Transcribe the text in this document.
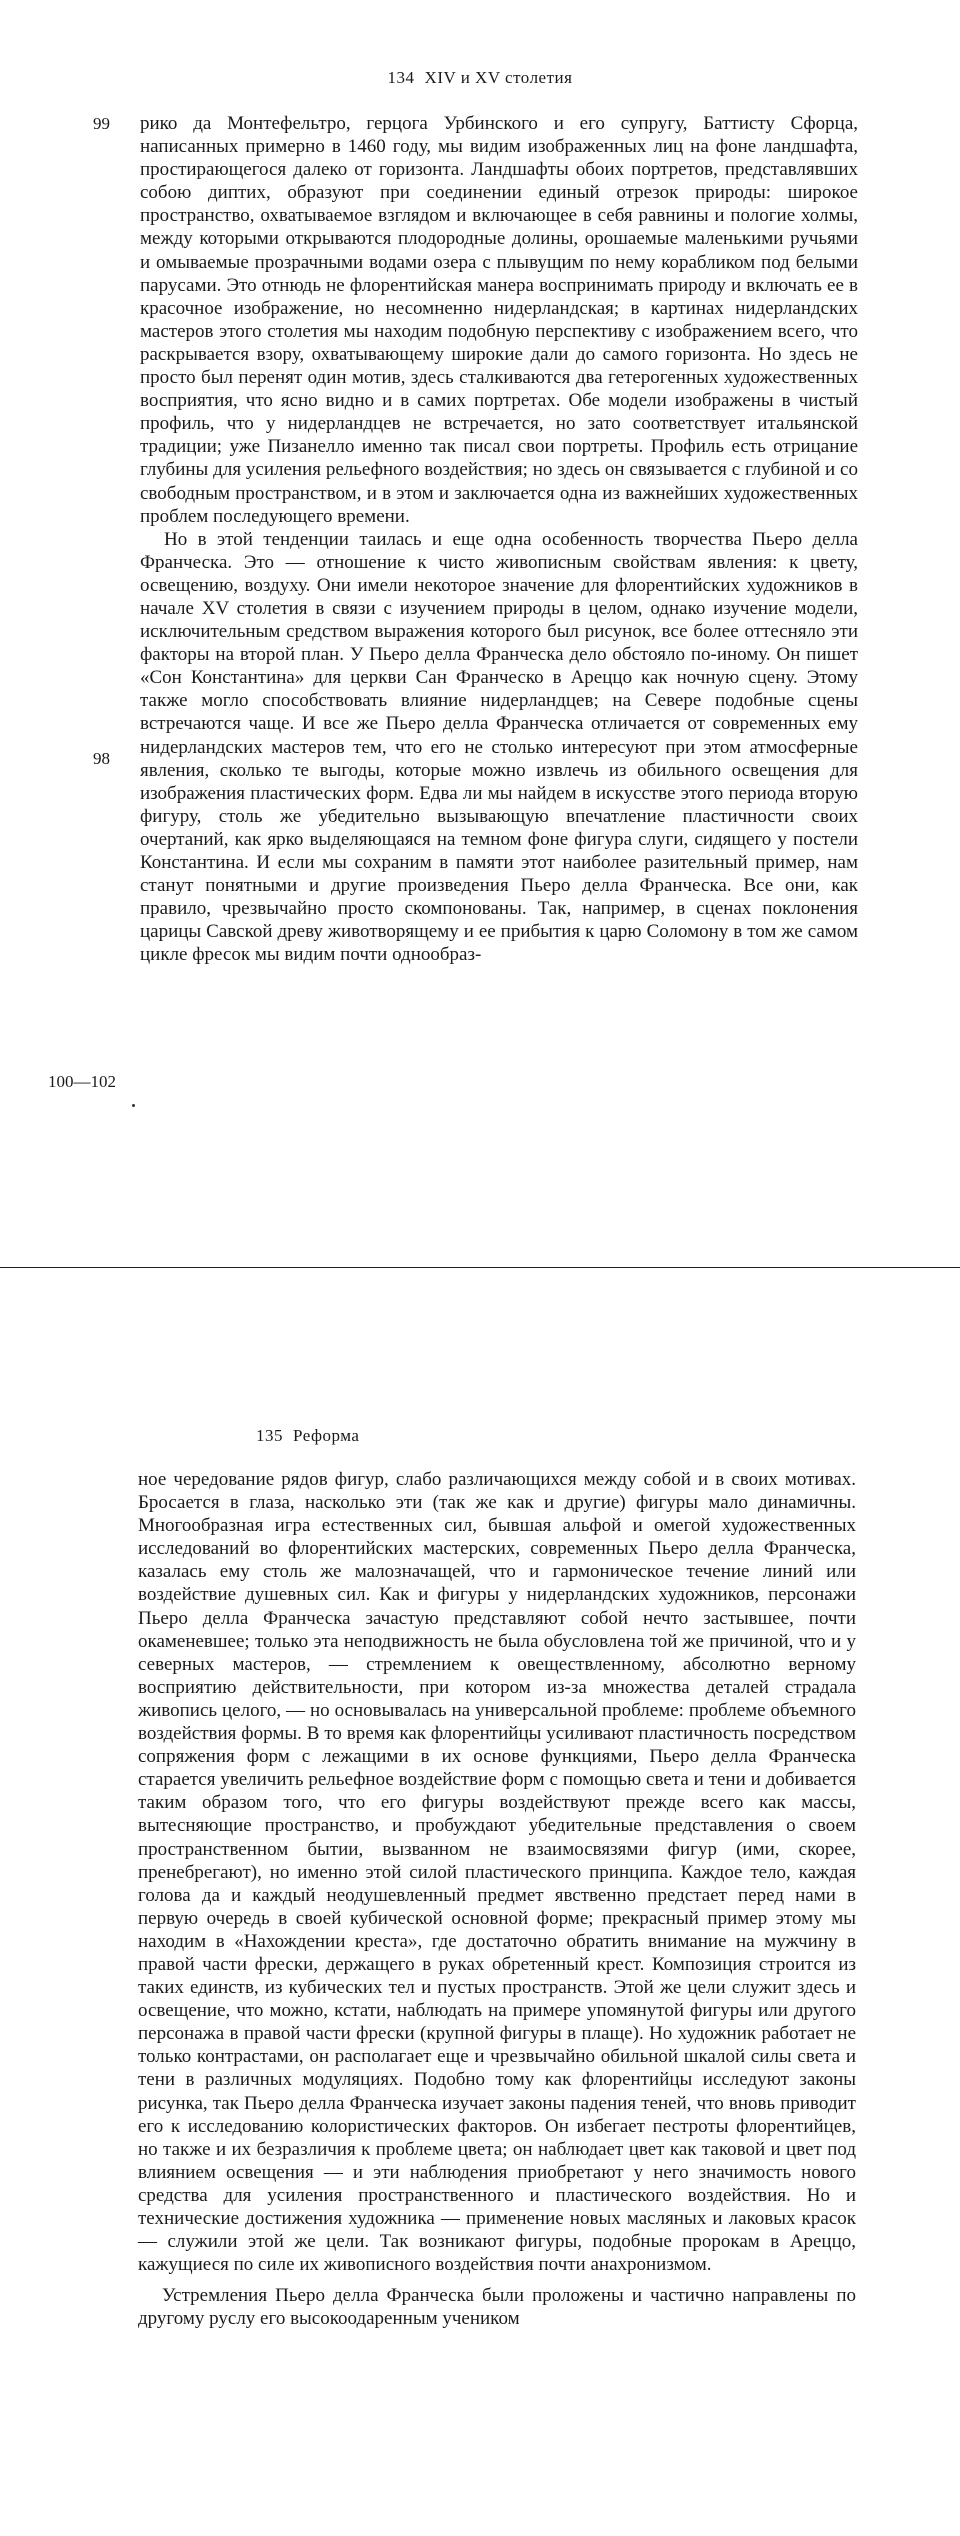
134 XIV и XV столетия
99
98
100—102

рико да Монтефельтро, герцога Урбинского и его супругу, Баттисту Сфорца, написанных примерно в 1460 году, мы видим изображенных лиц на фоне ландшафта, простирающегося далеко от горизонта. Ландшафты обоих портретов, представлявших собою диптих, образуют при соединении единый отрезок природы: широкое пространство, охватываемое взглядом и включающее в себя равнины и пологие холмы, между которыми открываются плодородные долины, орошаемые маленькими ручьями и омываемые прозрачными водами озера с плывущим по нему корабликом под белыми парусами. Это отнюдь не флорентийская манера воспринимать природу и включать ее в красочное изображение, но несомненно нидерландская; в картинах нидерландских мастеров этого столетия мы находим подобную перспективу с изображением всего, что раскрывается взору, охватывающему широкие дали до самого горизонта. Но здесь не просто был перенят один мотив, здесь сталкиваются два гетерогенных художественных восприятия, что ясно видно и в самих портретах. Обе модели изображены в чистый профиль, что у нидерландцев не встречается, но зато соответствует итальянской традиции; уже Пизанелло именно так писал свои портреты. Профиль есть отрицание глубины для усиления рельефного воздействия; но здесь он связывается с глубиной и со свободным пространством, и в этом и заключается одна из важнейших художественных проблем последующего времени.

Но в этой тенденции таилась и еще одна особенность творчества Пьеро делла Франческа. Это — отношение к чисто живописным свойствам явления: к цвету, освещению, воздуху. Они имели некоторое значение для флорентийских художников в начале XV столетия в связи с изучением природы в целом, однако изучение модели, исключительным средством выражения которого был рисунок, все более оттесняло эти факторы на второй план. У Пьеро делла Франческа дело обстояло по-иному. Он пишет «Сон Константина» для церкви Сан Франческо в Ареццо как ночную сцену. Этому также могло способствовать влияние нидерландцев; на Севере подобные сцены встречаются чаще. И все же Пьеро делла Франческа отличается от современных ему нидерландских мастеров тем, что его не столько интересуют при этом атмосферные явления, сколько те выгоды, которые можно извлечь из обильного освещения для изображения пластических форм. Едва ли мы найдем в искусстве этого периода вторую фигуру, столь же убедительно вызывающую впечатление пластичности своих очертаний, как ярко выделяющаяся на темном фоне фигура слуги, сидящего у постели Константина. И если мы сохраним в памяти этот наиболее разительный пример, нам станут понятными и другие произведения Пьеро делла Франческа. Все они, как правило, чрезвычайно просто скомпонованы. Так, например, в сценах поклонения царицы Савской древу животворящему и ее прибытия к царю Соломону в том же самом цикле фресок мы видим почти однообраз-

135 Реформа

ное чередование рядов фигур, слабо различающихся между собой и в своих мотивах. Бросается в глаза, насколько эти (так же как и другие) фигуры мало динамичны. Многообразная игра естественных сил, бывшая альфой и омегой художественных исследований во флорентийских мастерских, современных Пьеро делла Франческа, казалась ему столь же малозначащей, что и гармоническое течение линий или воздействие душевных сил. Как и фигуры у нидерландских художников, персонажи Пьеро делла Франческа зачастую представляют собой нечто застывшее, почти окаменевшее; только эта неподвижность не была обусловлена той же причиной, что и у северных мастеров, — стремлением к овеществленному, абсолютно верному восприятию действительности, при котором из-за множества деталей страдала живопись целого, — но основывалась на универсальной проблеме: проблеме объемного воздействия формы. В то время как флорентийцы усиливают пластичность посредством сопряжения форм с лежащими в их основе функциями, Пьеро делла Франческа старается увеличить рельефное воздействие форм с помощью света и тени и добивается таким образом того, что его фигуры воздействуют прежде всего как массы, вытесняющие пространство, и пробуждают убедительные представления о своем пространственном бытии, вызванном не взаимосвязями фигур (ими, скорее, пренебрегают), но именно этой силой пластического принципа. Каждое тело, каждая голова да и каждый неодушевленный предмет явственно предстает перед нами в первую очередь в своей кубической основной форме; прекрасный пример этому мы находим в «Нахождении креста», где достаточно обратить внимание на мужчину в правой части фрески, держащего в руках обретенный крест. Композиция строится из таких единств, из кубических тел и пустых пространств. Этой же цели служит здесь и освещение, что можно, кстати, наблюдать на примере упомянутой фигуры или другого персонажа в правой части фрески (крупной фигуры в плаще). Но художник работает не только контрастами, он располагает еще и чрезвычайно обильной шкалой силы света и тени в различных модуляциях. Подобно тому как флорентийцы исследуют законы рисунка, так Пьеро делла Франческа изучает законы падения теней, что вновь приводит его к исследованию колористических факторов. Он избегает пестроты флорентийцев, но также и их безразличия к проблеме цвета; он наблюдает цвет как таковой и цвет под влиянием освещения — и эти наблюдения приобретают у него значимость нового средства для усиления пространственного и пластического воздействия. Но и технические достижения художника — применение новых масляных и лаковых красок — служили этой же цели. Так возникают фигуры, подобные пророкам в Ареццо, кажущиеся по силе их живописного воздействия почти анахронизмом.

Устремления Пьеро делла Франческа были проложены и частично направлены по другому руслу его высокоодаренным учеником
